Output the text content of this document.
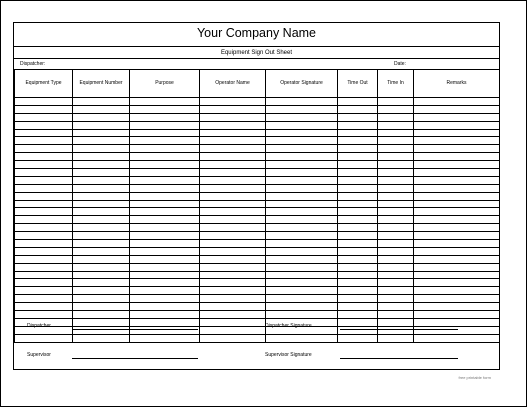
Your Company Name
Equipment Sign Out Sheet
Dispatcher:	Date:
Equipment Type	Equipment Number	Purpose	Operator Name	Operator Signature	Time Out	Time In	Remarks

Dispatcher	Dispatcher Signature
Supervisor	Supervisor Signature
free printable form
